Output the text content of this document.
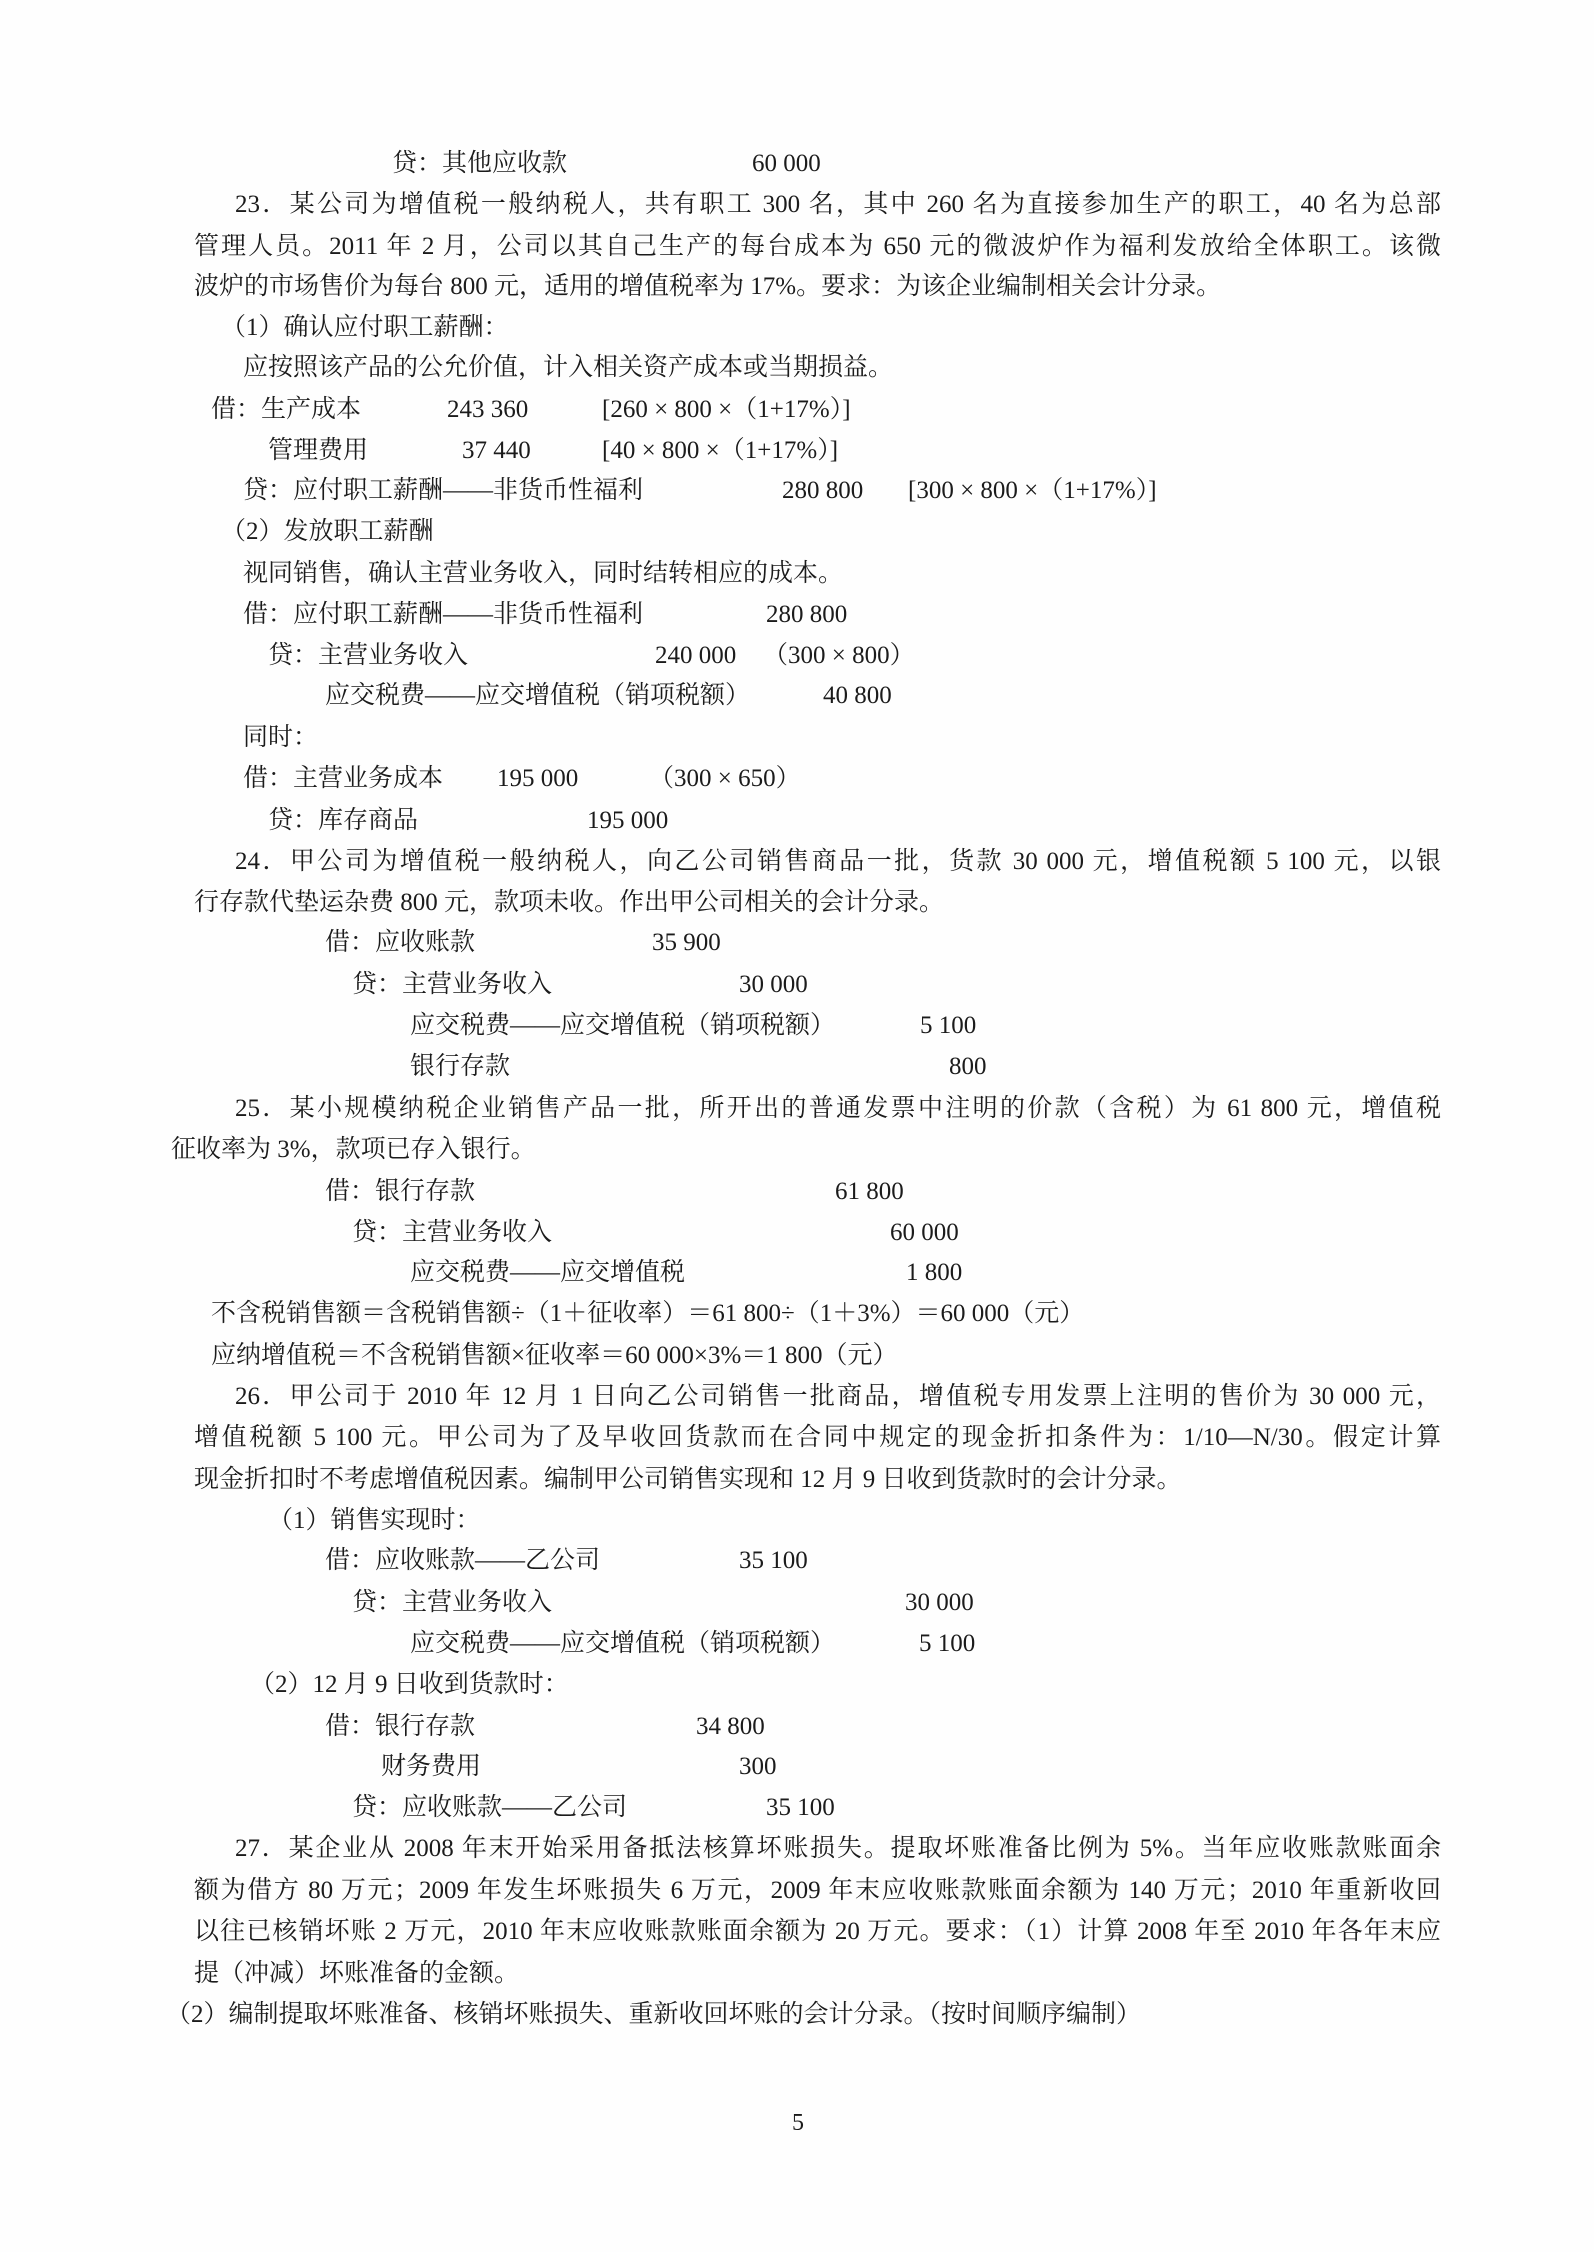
贷：其他应收款	60 000
23．某公司为增值税一般纳税人，共有职工 300 名，其中 260 名为直接参加生产的职工，40 名为总部
管理人员。2011 年 2 月，公司以其自己生产的每台成本为 650 元的微波炉作为福利发放给全体职工。该微
波炉的市场售价为每台 800 元，适用的增值税率为 17%。要求：为该企业编制相关会计分录。
（1）确认应付职工薪酬：
应按照该产品的公允价值，计入相关资产成本或当期损益。
借：生产成本	243 360	[260 × 800 ×（1+17%）]
管理费用	37 440	[40 × 800 ×（1+17%）]
贷：应付职工薪酬——非货币性福利	280 800 [300 × 800 ×（1+17%）]
（2）发放职工薪酬
视同销售，确认主营业务收入，同时结转相应的成本。
借：应付职工薪酬——非货币性福利	280 800
贷：主营业务收入	240 000 （300 × 800）
应交税费——应交增值税（销项税额）	40 800
同时：
借：主营业务成本 195 000	（300 × 650）
贷：库存商品	195 000
24．甲公司为增值税一般纳税人，向乙公司销售商品一批，货款 30 000 元，增值税额 5 100 元，以银
行存款代垫运杂费 800 元，款项未收。作出甲公司相关的会计分录。
借：应收账款	35 900
贷：主营业务收入	30 000
应交税费——应交增值税（销项税额）	5 100
银行存款	800
25．某小规模纳税企业销售产品一批，所开出的普通发票中注明的价款（含税）为 61 800 元，增值税
征收率为 3%，款项已存入银行。
借：银行存款	61 800
贷：主营业务收入	60 000
应交税费——应交增值税	1 800
不含税销售额＝含税销售额÷（1＋征收率）＝61 800÷（1＋3%）＝60 000（元）
应纳增值税＝不含税销售额×征收率＝60 000×3%＝1 800（元）
26．甲公司于 2010 年 12 月 1 日向乙公司销售一批商品，增值税专用发票上注明的售价为 30 000 元，
增值税额 5 100 元。甲公司为了及早收回货款而在合同中规定的现金折扣条件为：1/10—N/30。假定计算
现金折扣时不考虑增值税因素。编制甲公司销售实现和 12 月 9 日收到货款时的会计分录。
（1）销售实现时：
借：应收账款——乙公司	35 100
贷：主营业务收入	30 000
应交税费——应交增值税（销项税额）	5 100
（2）12 月 9 日收到货款时：
借：银行存款	34 800
财务费用	300
贷：应收账款——乙公司	35 100
27．某企业从 2008 年末开始采用备抵法核算坏账损失。提取坏账准备比例为 5%。当年应收账款账面余
额为借方 80 万元；2009 年发生坏账损失 6 万元，2009 年末应收账款账面余额为 140 万元；2010 年重新收回
以往已核销坏账 2 万元，2010 年末应收账款账面余额为 20 万元。要求：（1）计算 2008 年至 2010 年各年末应
提（冲减）坏账准备的金额。
（2）编制提取坏账准备、核销坏账损失、重新收回坏账的会计分录。（按时间顺序编制）
5
